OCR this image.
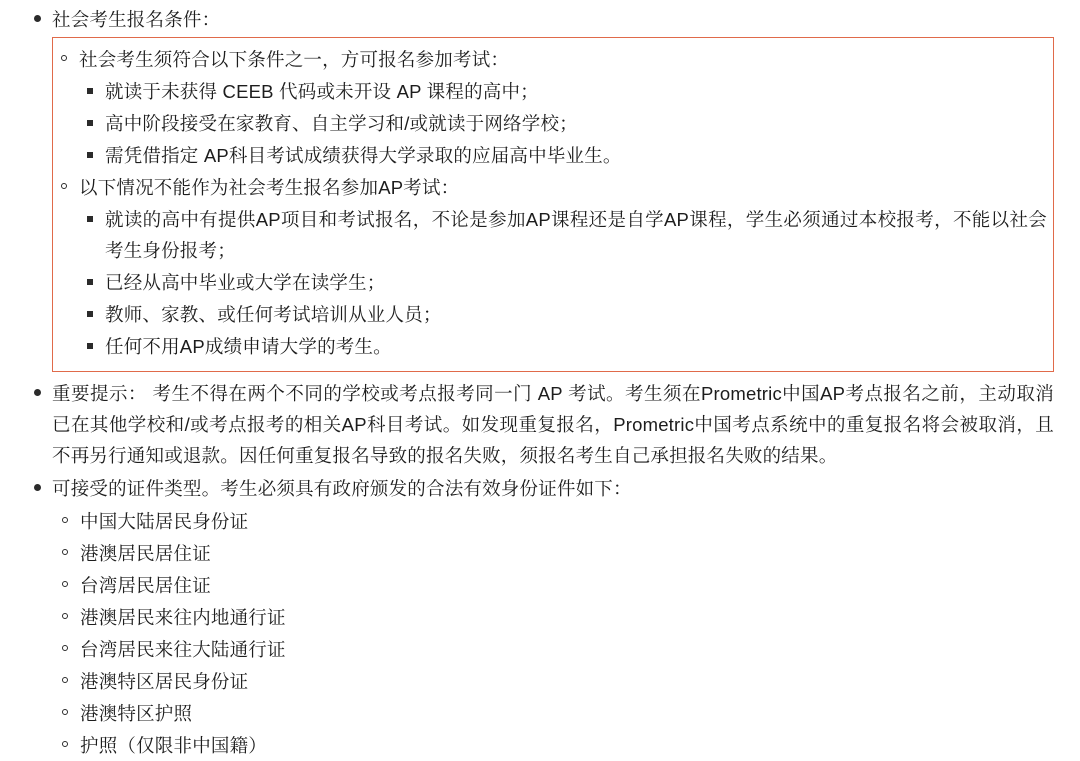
社会考生报名条件：
社会考生须符合以下条件之一，方可报名参加考试：
就读于未获得 CEEB 代码或未开设 AP 课程的高中；
高中阶段接受在家教育、自主学习和/或就读于网络学校；
需凭借指定 AP科目考试成绩获得大学录取的应届高中毕业生。
以下情况不能作为社会考生报名参加AP考试：
就读的高中有提供AP项目和考试报名，不论是参加AP课程还是自学AP课程，学生必须通过本校报考，不能以社会考生身份报考；
已经从高中毕业或大学在读学生；
教师、家教、或任何考试培训从业人员；
任何不用AP成绩申请大学的考生。
重要提示： 考生不得在两个不同的学校或考点报考同一门 AP 考试。考生须在Prometric中国AP考点报名之前，主动取消已在其他学校和/或考点报考的相关AP科目考试。如发现重复报名，Prometric中国考点系统中的重复报名将会被取消，且不再另行通知或退款。因任何重复报名导致的报名失败，须报名考生自己承担报名失败的结果。
可接受的证件类型。考生必须具有政府颁发的合法有效身份证件如下：
中国大陆居民身份证
港澳居民居住证
台湾居民居住证
港澳居民来往内地通行证
台湾居民来往大陆通行证
港澳特区居民身份证
港澳特区护照
护照（仅限非中国籍）
